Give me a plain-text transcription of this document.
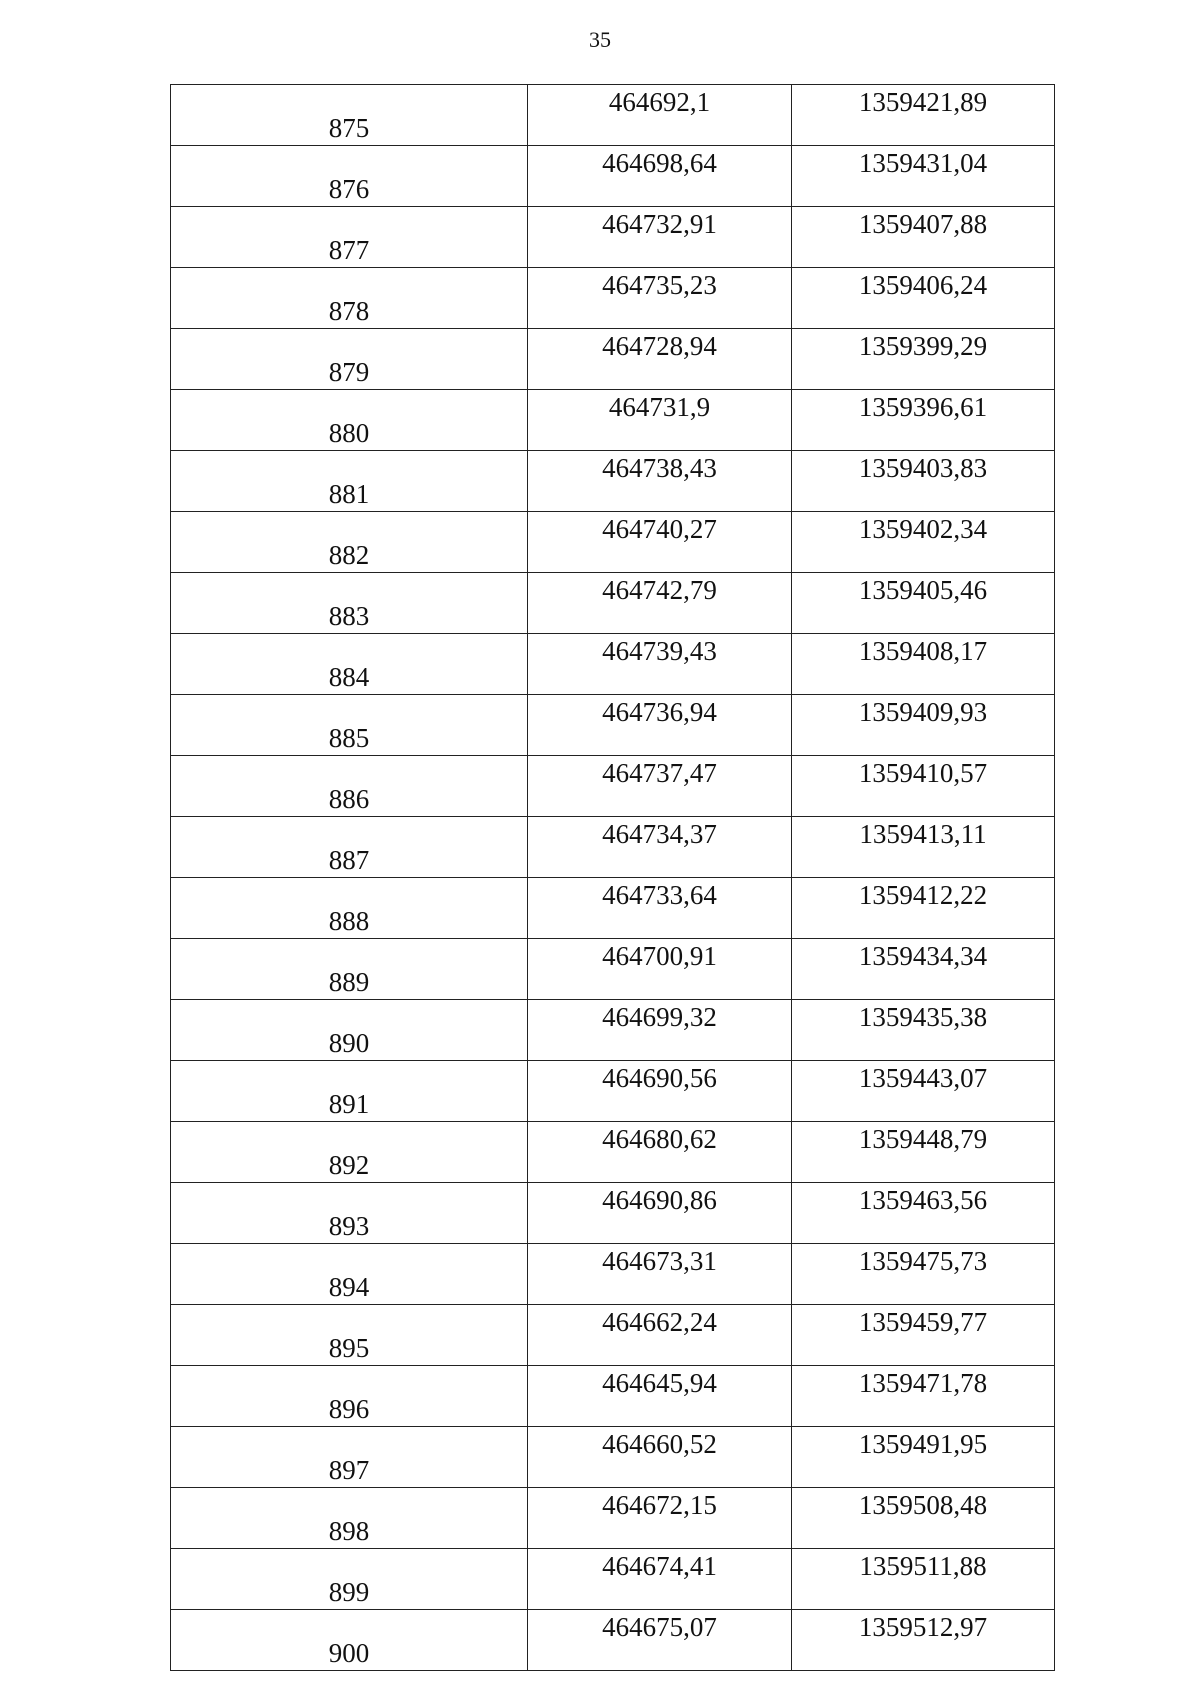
35
875	464692,1	1359421,89
876	464698,64	1359431,04
877	464732,91	1359407,88
878	464735,23	1359406,24
879	464728,94	1359399,29
880	464731,9	1359396,61
881	464738,43	1359403,83
882	464740,27	1359402,34
883	464742,79	1359405,46
884	464739,43	1359408,17
885	464736,94	1359409,93
886	464737,47	1359410,57
887	464734,37	1359413,11
888	464733,64	1359412,22
889	464700,91	1359434,34
890	464699,32	1359435,38
891	464690,56	1359443,07
892	464680,62	1359448,79
893	464690,86	1359463,56
894	464673,31	1359475,73
895	464662,24	1359459,77
896	464645,94	1359471,78
897	464660,52	1359491,95
898	464672,15	1359508,48
899	464674,41	1359511,88
900	464675,07	1359512,97
